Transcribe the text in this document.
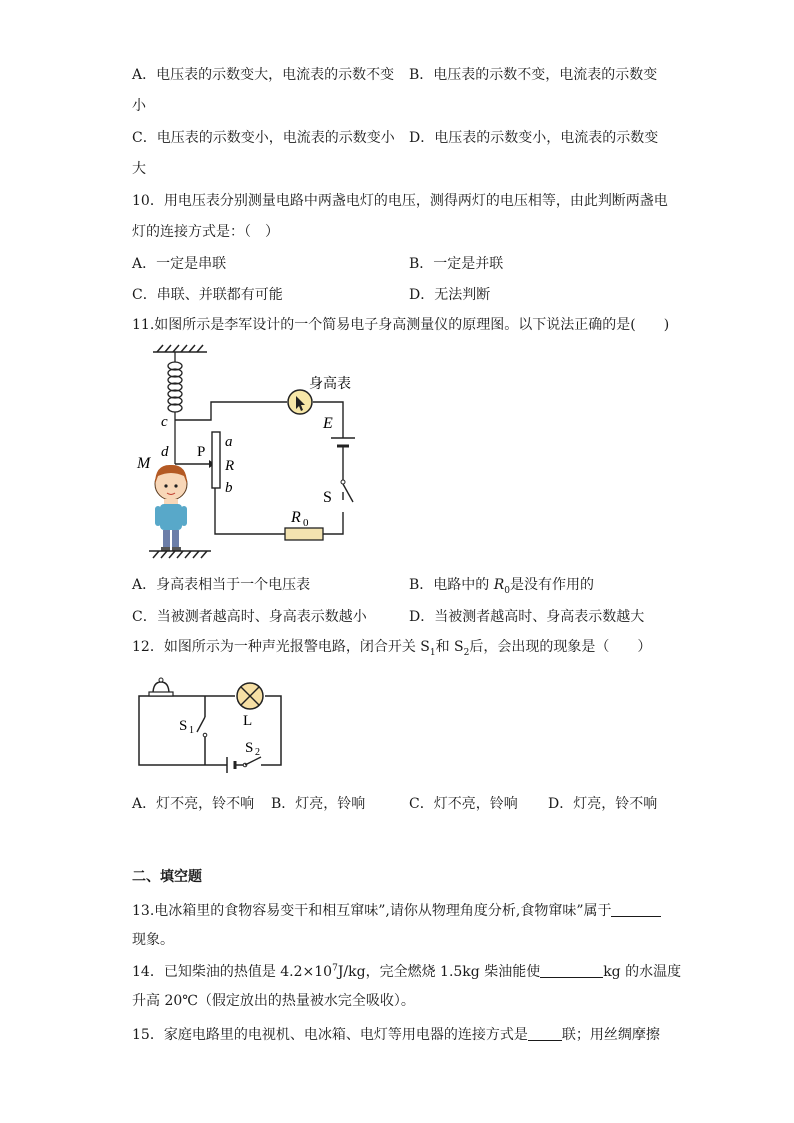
A．电压表的示数变大，电流表的示数不变 B．电压表的示数不变，电流表的示数变
小
C．电压表的示数变小，电流表的示数变小 D．电压表的示数变小，电流表的示数变
大
10．用电压表分别测量电路中两盏电灯的电压，测得两灯的电压相等，由此判断两盏电
灯的连接方式是：（　）
A．一定是串联	B．一定是并联
C．串联、并联都有可能	D．无法判断
11.如图所示是李军设计的一个简易电子身高测量仪的原理图。以下说法正确的是(　　)
身高表
c
d
M
P
a
R
b
E
S
R 0
A．身高表相当于一个电压表	B．电路中的 $R_0$是没有作用的
C．当被测者越高时、身高表示数越小	D．当被测者越高时、身高表示数越大
12．如图所示为一种声光报警电路，闭合开关 $S_1$和 $S_2$后，会出现的现象是（　　）
S 1
L
S 2
A．灯不亮，铃不响 B．灯亮，铃响	C．灯不亮，铃响 D．灯亮，铃不响
二、填空题
13.电冰箱里的食物容易变干和相互窜味”,请你从物理角度分析,食物窜味”属于
现象。
14．已知柴油的热值是 $4.2\times 10^7J/kg$，完全燃烧 1.5kg 柴油能使	kg 的水温度
升高 20℃（假定放出的热量被水完全吸收）。
15．家庭电路里的电视机、电冰箱、电灯等用电器的连接方式是 联；用丝绸摩擦
